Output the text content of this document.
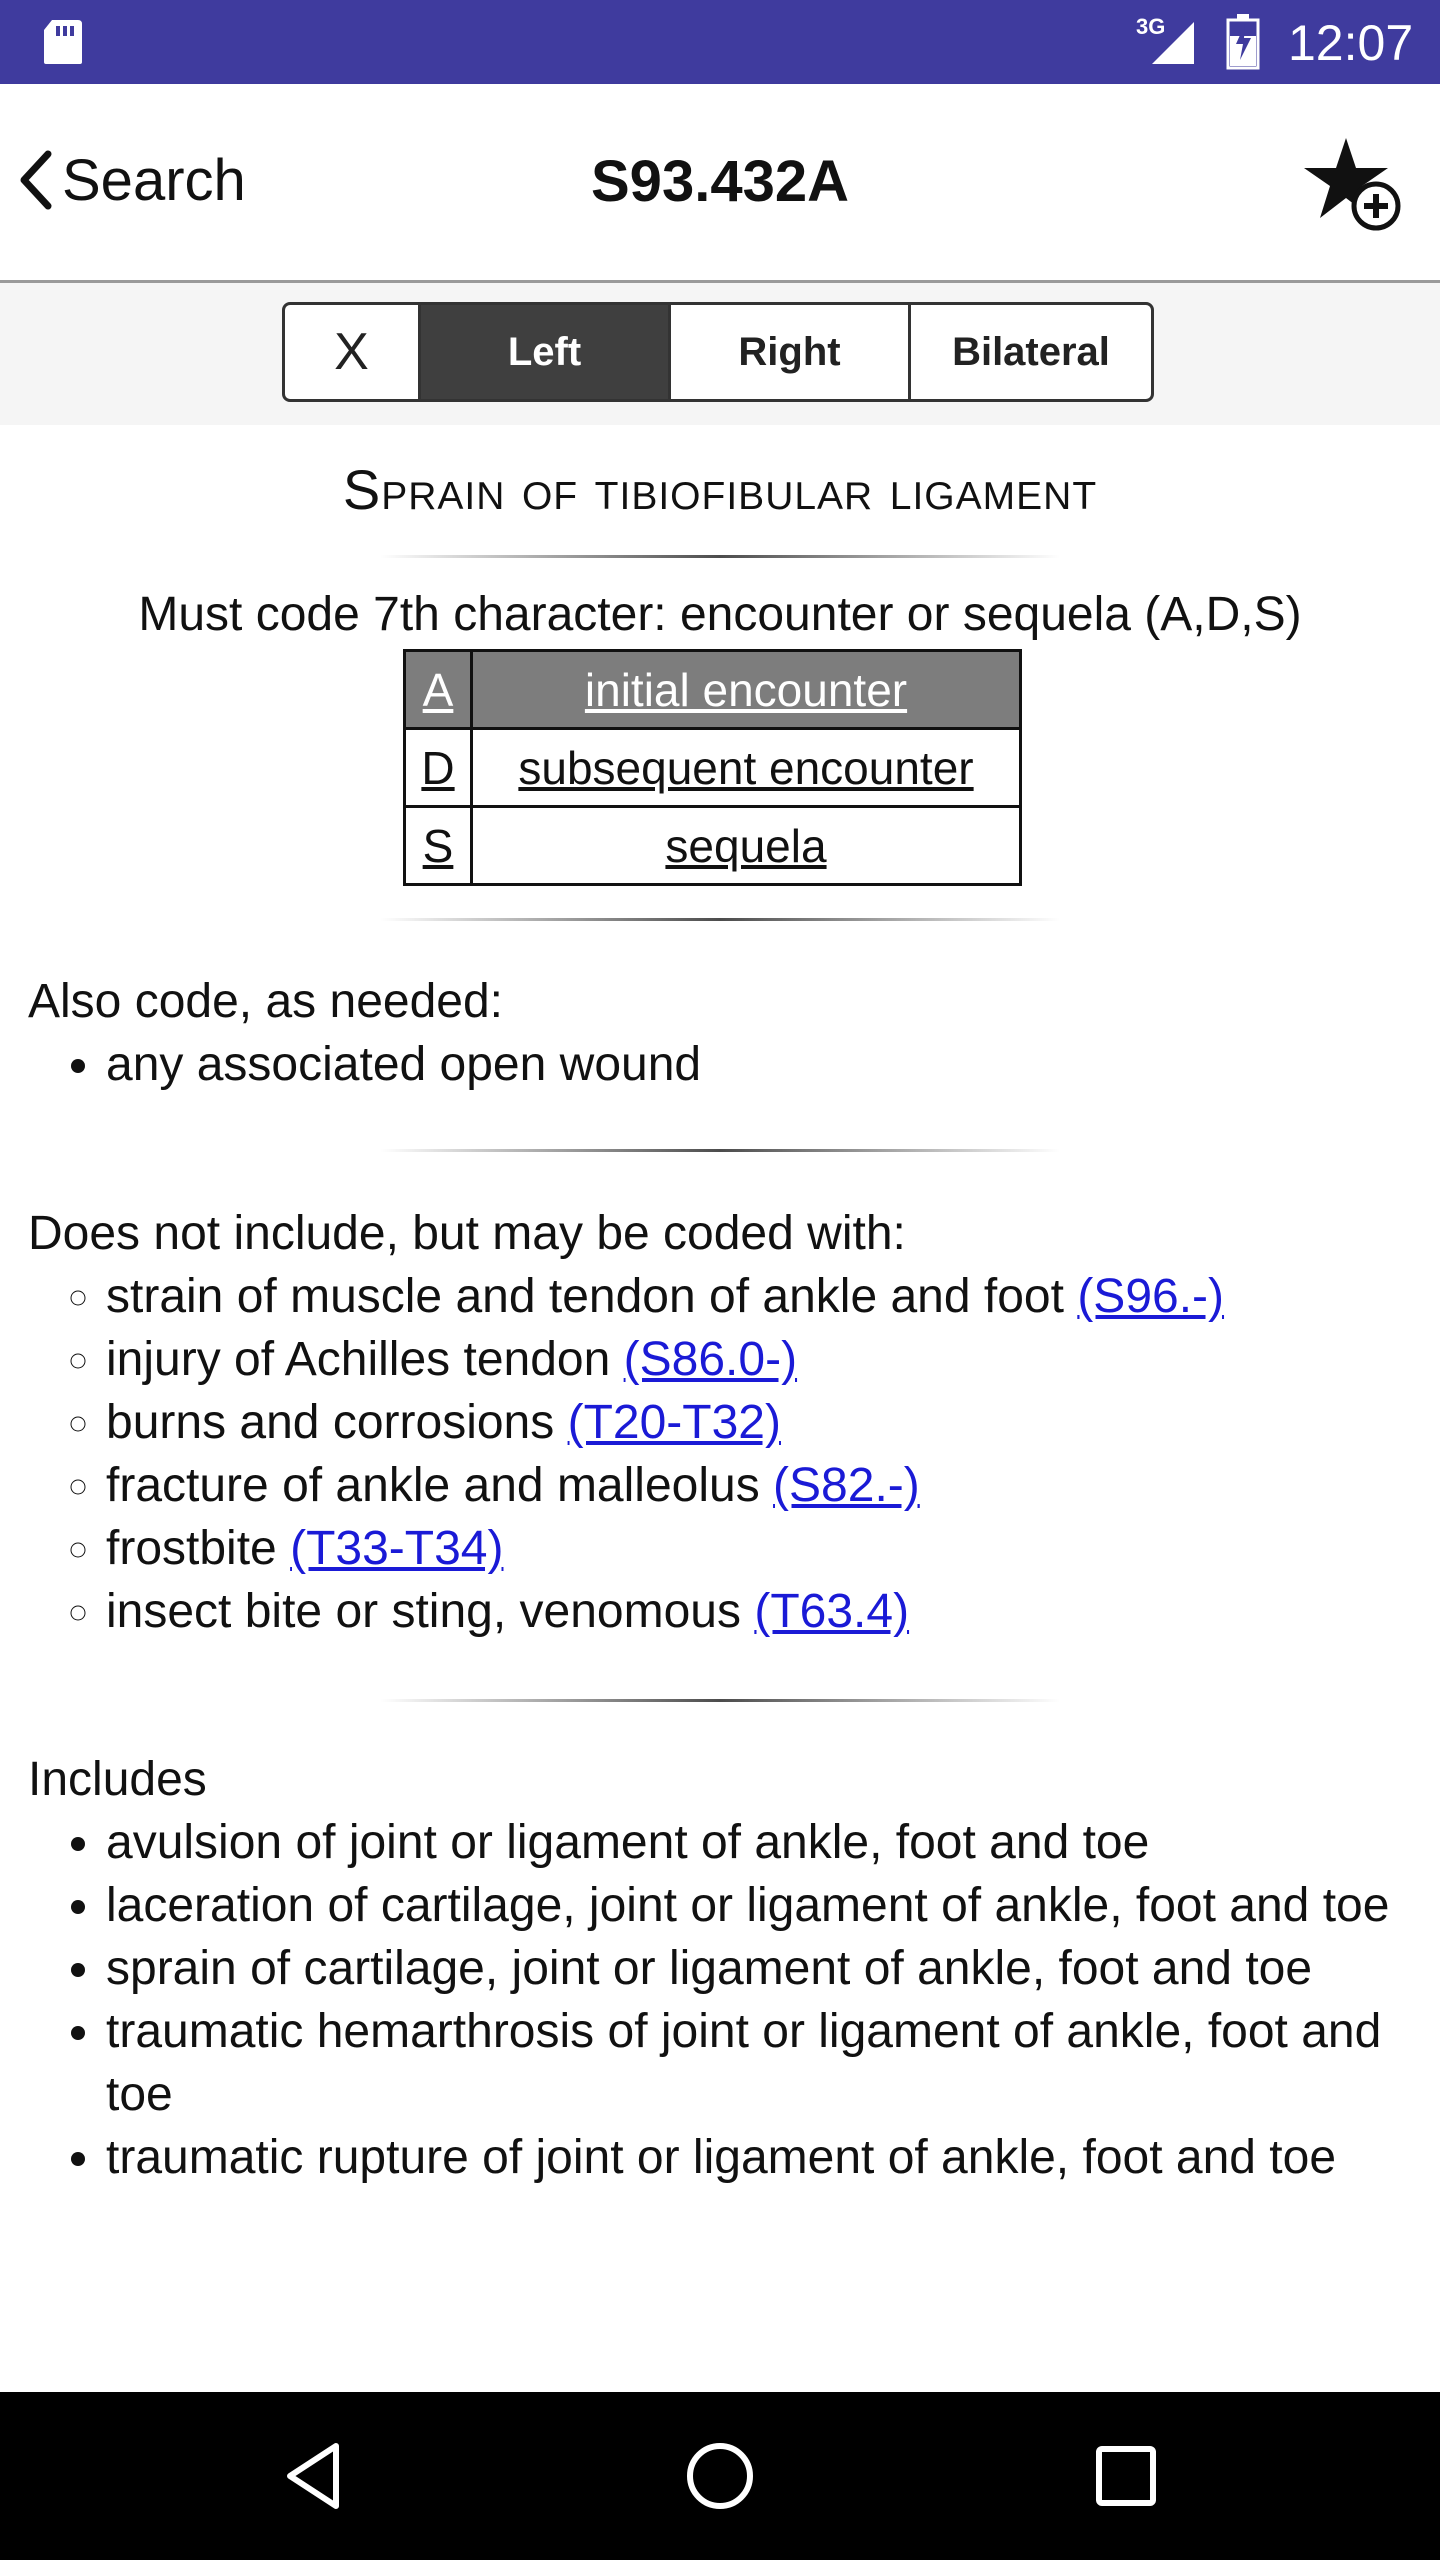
3G 12:07
Search	S93.432A
X	Left	Right	Bilateral
Sprain of tibiofibular ligament
Must code 7th character: encounter or sequela (A,D,S)
A	initial encounter
D	subsequent encounter
S	sequela
Also code, as needed:
• any associated open wound
Does not include, but may be coded with:
◦ strain of muscle and tendon of ankle and foot (S96.-)
◦ injury of Achilles tendon (S86.0-)
◦ burns and corrosions (T20-T32)
◦ fracture of ankle and malleolus (S82.-)
◦ frostbite (T33-T34)
◦ insect bite or sting, venomous (T63.4)
Includes
• avulsion of joint or ligament of ankle, foot and toe
• laceration of cartilage, joint or ligament of ankle, foot and toe
• sprain of cartilage, joint or ligament of ankle, foot and toe
• traumatic hemarthrosis of joint or ligament of ankle, foot and toe
• traumatic rupture of joint or ligament of ankle, foot and toe
